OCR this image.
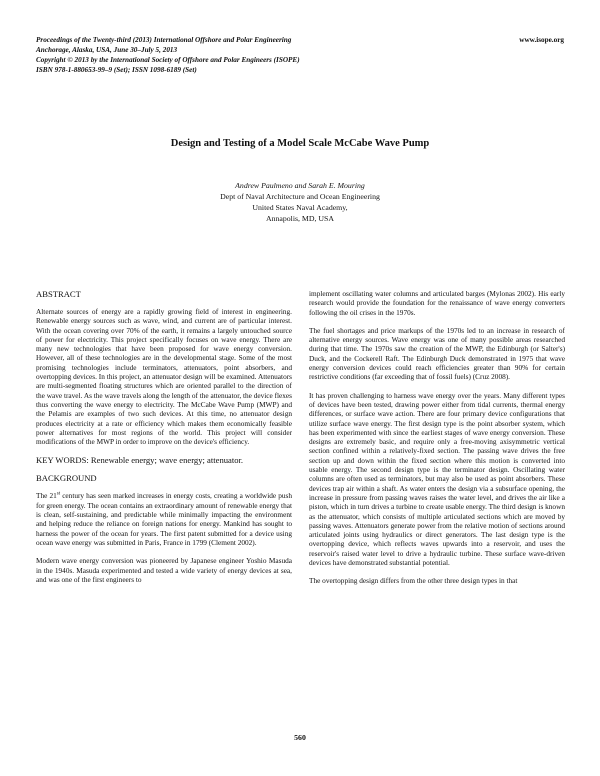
Proceedings of the Twenty-third (2013) International Offshore and Polar Engineering
Anchorage, Alaska, USA, June 30–July 5, 2013
Copyright © 2013 by the International Society of Offshore and Polar Engineers (ISOPE)
ISBN 978-1-880653-99–9 (Set); ISSN 1098-6189 (Set)
www.isope.org
Design and Testing of a Model Scale McCabe Wave Pump
Andrew Paulmeno and Sarah E. Mouring
Dept of Naval Architecture and Ocean Engineering
United States Naval Academy,
Annapolis, MD, USA
ABSTRACT

Alternate sources of energy are a rapidly growing field of interest in engineering. Renewable energy sources such as wave, wind, and current are of particular interest. With the ocean covering over 70% of the earth, it remains a largely untouched source of power for electricity. This project specifically focuses on wave energy. There are many new technologies that have been proposed for wave energy conversion. However, all of these technologies are in the developmental stage. Some of the most promising technologies include terminators, attenuators, point absorbers, and overtopping devices. In this project, an attenuator design will be examined. Attenuators are multi-segmented floating structures which are oriented parallel to the direction of the wave travel. As the wave travels along the length of the attenuator, the device flexes thus converting the wave energy to electricity. The McCabe Wave Pump (MWP) and the Pelamis are examples of two such devices. At this time, no attenuator design produces electricity at a rate or efficiency which makes them economically feasible power alternatives for most regions of the world. This project will consider modifications of the MWP in order to improve on the device's efficiency.

KEY WORDS: Renewable energy; wave energy; attenuator.

BACKGROUND

The 21st century has seen marked increases in energy costs, creating a worldwide push for green energy. The ocean contains an extraordinary amount of renewable energy that is clean, self-sustaining, and predictable while minimally impacting the environment and helping reduce the reliance on foreign nations for energy. Mankind has sought to harness the power of the ocean for years. The first patent submitted for a device using ocean wave energy was submitted in Paris, France in 1799 (Clement 2002).

Modern wave energy conversion was pioneered by Japanese engineer Yoshio Masuda in the 1940s. Masuda experimented and tested a wide variety of energy devices at sea, and was one of the first engineers to

implement oscillating water columns and articulated barges (Mylonas 2002). His early research would provide the foundation for the renaissance of wave energy converters following the oil crises in the 1970s.

The fuel shortages and price markups of the 1970s led to an increase in research of alternative energy sources. Wave energy was one of many possible areas researched during that time. The 1970s saw the creation of the MWP, the Edinburgh (or Salter's) Duck, and the Cockerell Raft. The Edinburgh Duck demonstrated in 1975 that wave energy conversion devices could reach efficiencies greater than 90% for certain restrictive conditions (far exceeding that of fossil fuels) (Cruz 2008).

It has proven challenging to harness wave energy over the years. Many different types of devices have been tested, drawing power either from tidal currents, thermal energy differences, or surface wave action. There are four primary device configurations that utilize surface wave energy. The first design type is the point absorber system, which has been experimented with since the earliest stages of wave energy conversion. These designs are extremely basic, and require only a free-moving axisymmetric vertical section confined within a relatively-fixed section. The passing wave drives the free section up and down within the fixed section where this motion is converted into usable energy. The second design type is the terminator design. Oscillating water columns are often used as terminators, but may also be used as point absorbers. These devices trap air within a shaft. As water enters the design via a subsurface opening, the increase in pressure from passing waves raises the water level, and drives the air like a piston, which in turn drives a turbine to create usable energy. The third design is known as the attenuator, which consists of multiple articulated sections which are moved by passing waves. Attenuators generate power from the relative motion of sections around articulated joints using hydraulics or direct generators. The last design type is the overtopping device, which reflects waves upwards into a reservoir, and uses the reservoir's raised water level to drive a hydraulic turbine. These surface wave-driven devices have demonstrated substantial potential.

The overtopping design differs from the other three design types in that

560
